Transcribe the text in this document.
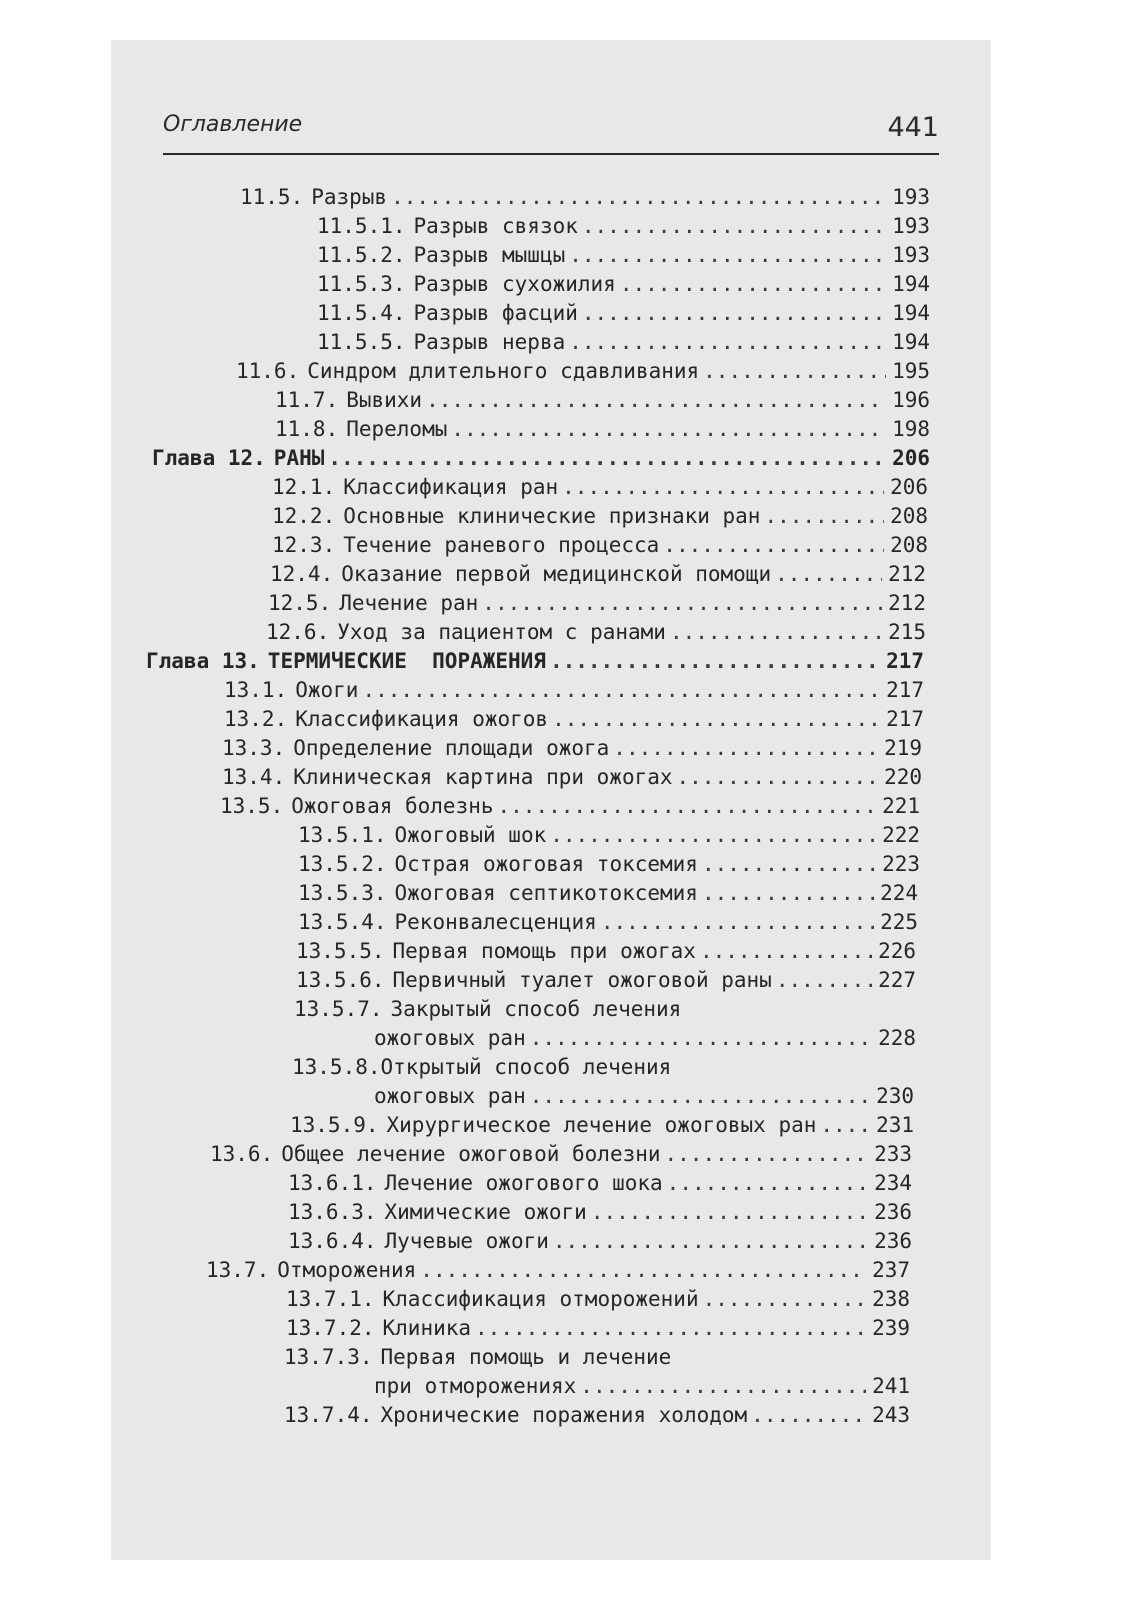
Оглавление	441
11.5. Разрыв .....	193
11.5.1. Разрыв связок .....	193
11.5.2. Разрыв мышцы .....	193
11.5.3. Разрыв сухожилия .....	194
11.5.4. Разрыв фасций .....	194
11.5.5. Разрыв нерва .....	194
11.6. Синдром длительного сдавливания .....	195
11.7. Вывихи .....	196
11.8. Переломы .....	198
Глава 12. РАНЫ .....	206
12.1. Классификация ран .....	206
12.2. Основные клинические признаки ран .....	208
12.3. Течение раневого процесса .....	208
12.4. Оказание первой медицинской помощи .....	212
12.5. Лечение ран .....	212
12.6. Уход за пациентом с ранами .....	215
Глава 13. ТЕРМИЧЕСКИЕ  ПОРАЖЕНИЯ .....	217
13.1. Ожоги .....	217
13.2. Классификация ожогов .....	217
13.3. Определение площади ожога .....	219
13.4. Клиническая картина при ожогах .....	220
13.5. Ожоговая болезнь .....	221
13.5.1. Ожоговый шок .....	222
13.5.2. Острая ожоговая токсемия .....	223
13.5.3. Ожоговая септикотоксемия .....	224
13.5.4. Реконвалесценция .....	225
13.5.5. Первая помощь при ожогах .....	226
13.5.6. Первичный туалет ожоговой раны .....	227
13.5.7. Закрытый способ лечения
ожоговых ран .....	228
13.5.8.Открытый способ лечения
ожоговых ран .....	230
13.5.9. Хирургическое лечение ожоговых ран .....	231
13.6. Общее лечение ожоговой болезни .....	233
13.6.1. Лечение ожогового шока .....	234
13.6.3. Химические ожоги .....	236
13.6.4. Лучевые ожоги .....	236
13.7. Отморожения .....	237
13.7.1. Классификация отморожений .....	238
13.7.2. Клиника .....	239
13.7.3. Первая помощь и лечение
при отморожениях .....	241
13.7.4. Хронические поражения холодом .....	243
